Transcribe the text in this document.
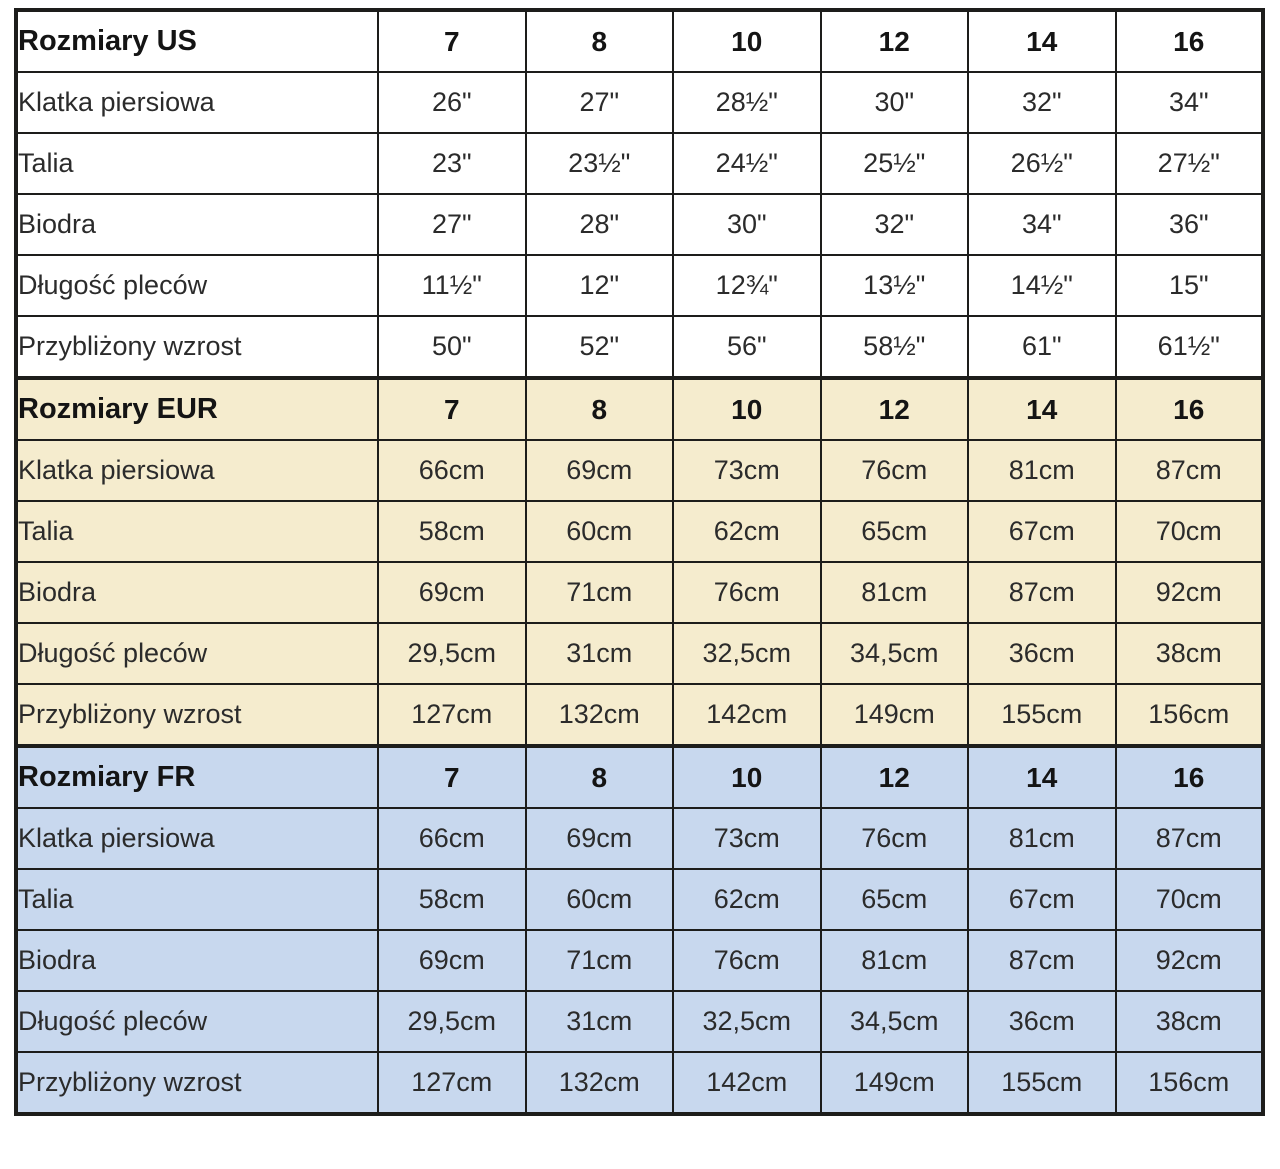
Rozmiary US	7	8	10	12	14	16
Klatka piersiowa	26"	27"	28½"	30"	32"	34"
Talia	23"	23½"	24½"	25½"	26½"	27½"
Biodra	27"	28"	30"	32"	34"	36"
Długość pleców	11½"	12"	12¾"	13½"	14½"	15"
Przybliżony wzrost	50"	52"	56"	58½"	61"	61½"
Rozmiary EUR	7	8	10	12	14	16
Klatka piersiowa	66cm	69cm	73cm	76cm	81cm	87cm
Talia	58cm	60cm	62cm	65cm	67cm	70cm
Biodra	69cm	71cm	76cm	81cm	87cm	92cm
Długość pleców	29,5cm	31cm	32,5cm	34,5cm	36cm	38cm
Przybliżony wzrost	127cm	132cm	142cm	149cm	155cm	156cm
Rozmiary FR	7	8	10	12	14	16
Klatka piersiowa	66cm	69cm	73cm	76cm	81cm	87cm
Talia	58cm	60cm	62cm	65cm	67cm	70cm
Biodra	69cm	71cm	76cm	81cm	87cm	92cm
Długość pleców	29,5cm	31cm	32,5cm	34,5cm	36cm	38cm
Przybliżony wzrost	127cm	132cm	142cm	149cm	155cm	156cm
